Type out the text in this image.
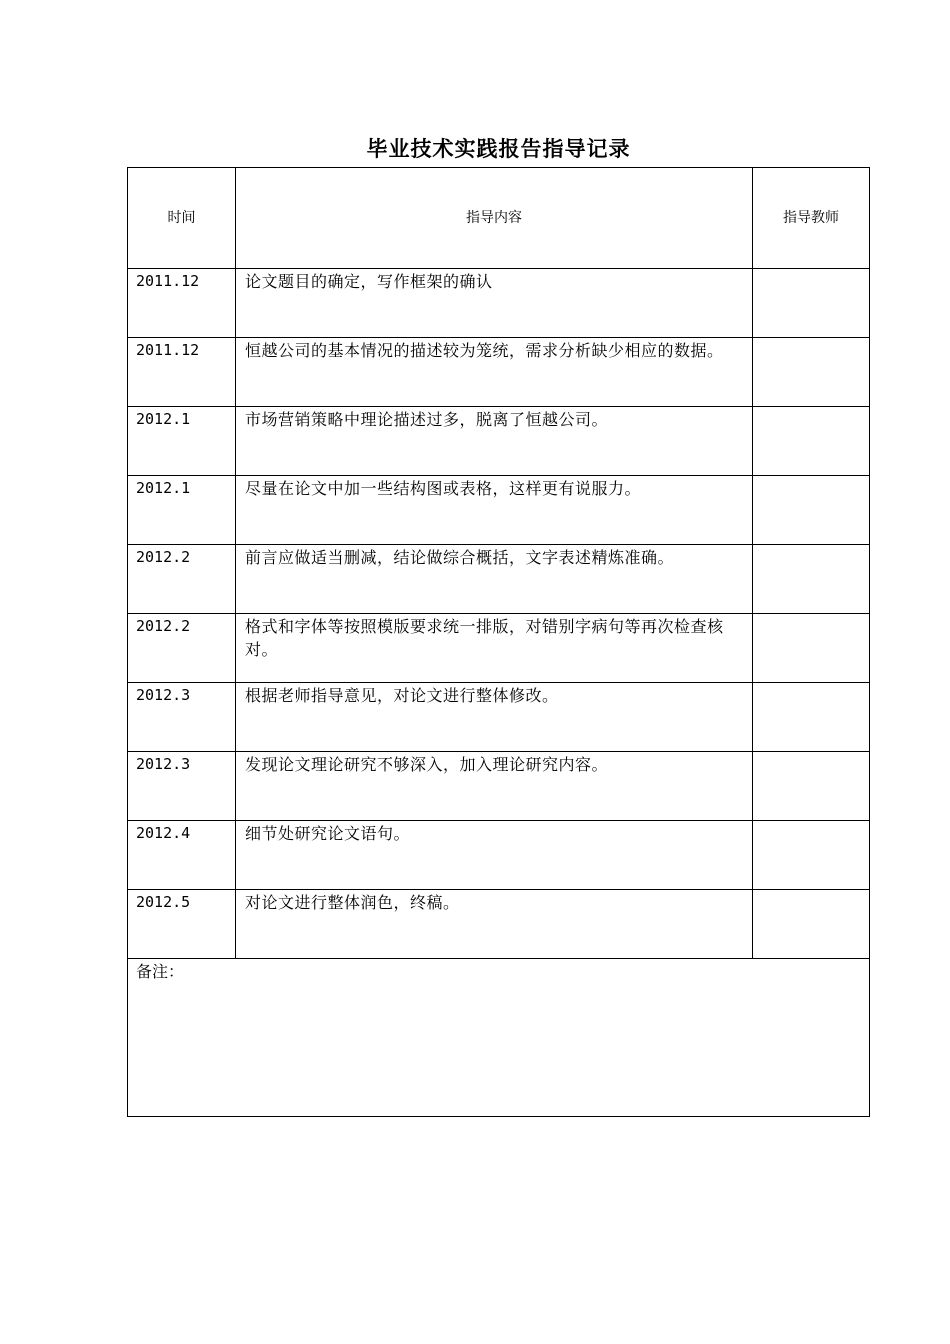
毕业技术实践报告指导记录
时间	指导内容	指导教师
2011.12	论文题目的确定，写作框架的确认	
2011.12	恒越公司的基本情况的描述较为笼统，需求分析缺少相应的数据。	
2012.1	市场营销策略中理论描述过多，脱离了恒越公司。	
2012.1	尽量在论文中加一些结构图或表格，这样更有说服力。	
2012.2	前言应做适当删减，结论做综合概括，文字表述精炼准确。	
2012.2	格式和字体等按照模版要求统一排版，对错别字病句等再次检查核对。	
2012.3	根据老师指导意见，对论文进行整体修改。	
2012.3	发现论文理论研究不够深入，加入理论研究内容。	
2012.4	细节处研究论文语句。	
2012.5	对论文进行整体润色，终稿。	
备注：		
